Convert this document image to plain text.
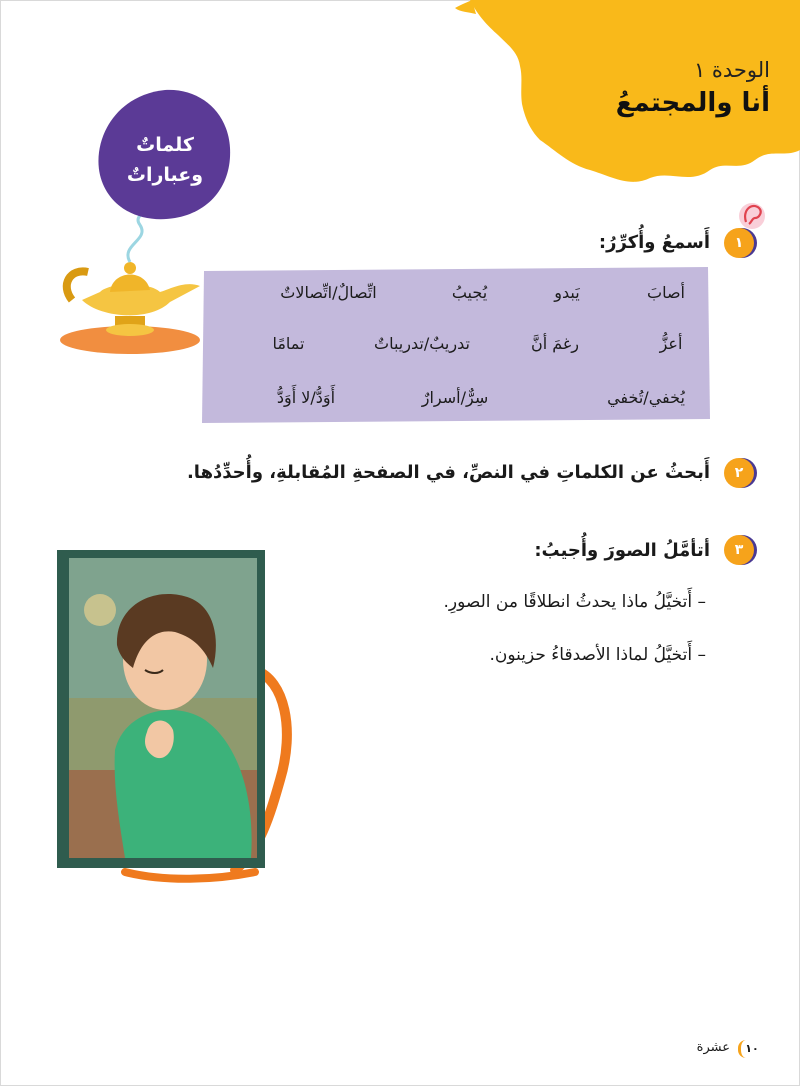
الوحدة ١
أنا والمجتمعُ
كلماتٌ
وعباراتٌ
١
أَسمعُ وأُكرِّرُ:
أصابَ
يَبدو
يُجيبُ
اتِّصالٌ/اتِّصالاتٌ
أعزُّ
رغمَ أنَّ
تدريبٌ/تدريباتٌ
تمامًا
يُخفي/تُخفي
سِرٌّ/أسرارٌ
أَوَدُّ/لا أَوَدُّ
٢
أَبحثُ عن الكلماتِ في النصِّ، في الصفحةِ المُقابلةِ، وأُحدِّدُها.
٣
أتأمَّلُ الصورَ وأُجيبُ:
– أَتخيَّلُ ماذا يحدثُ انطلاقًا من الصورِ.
– أَتخيَّلُ لماذا الأصدقاءُ حزينون.
١٠
عشرة
